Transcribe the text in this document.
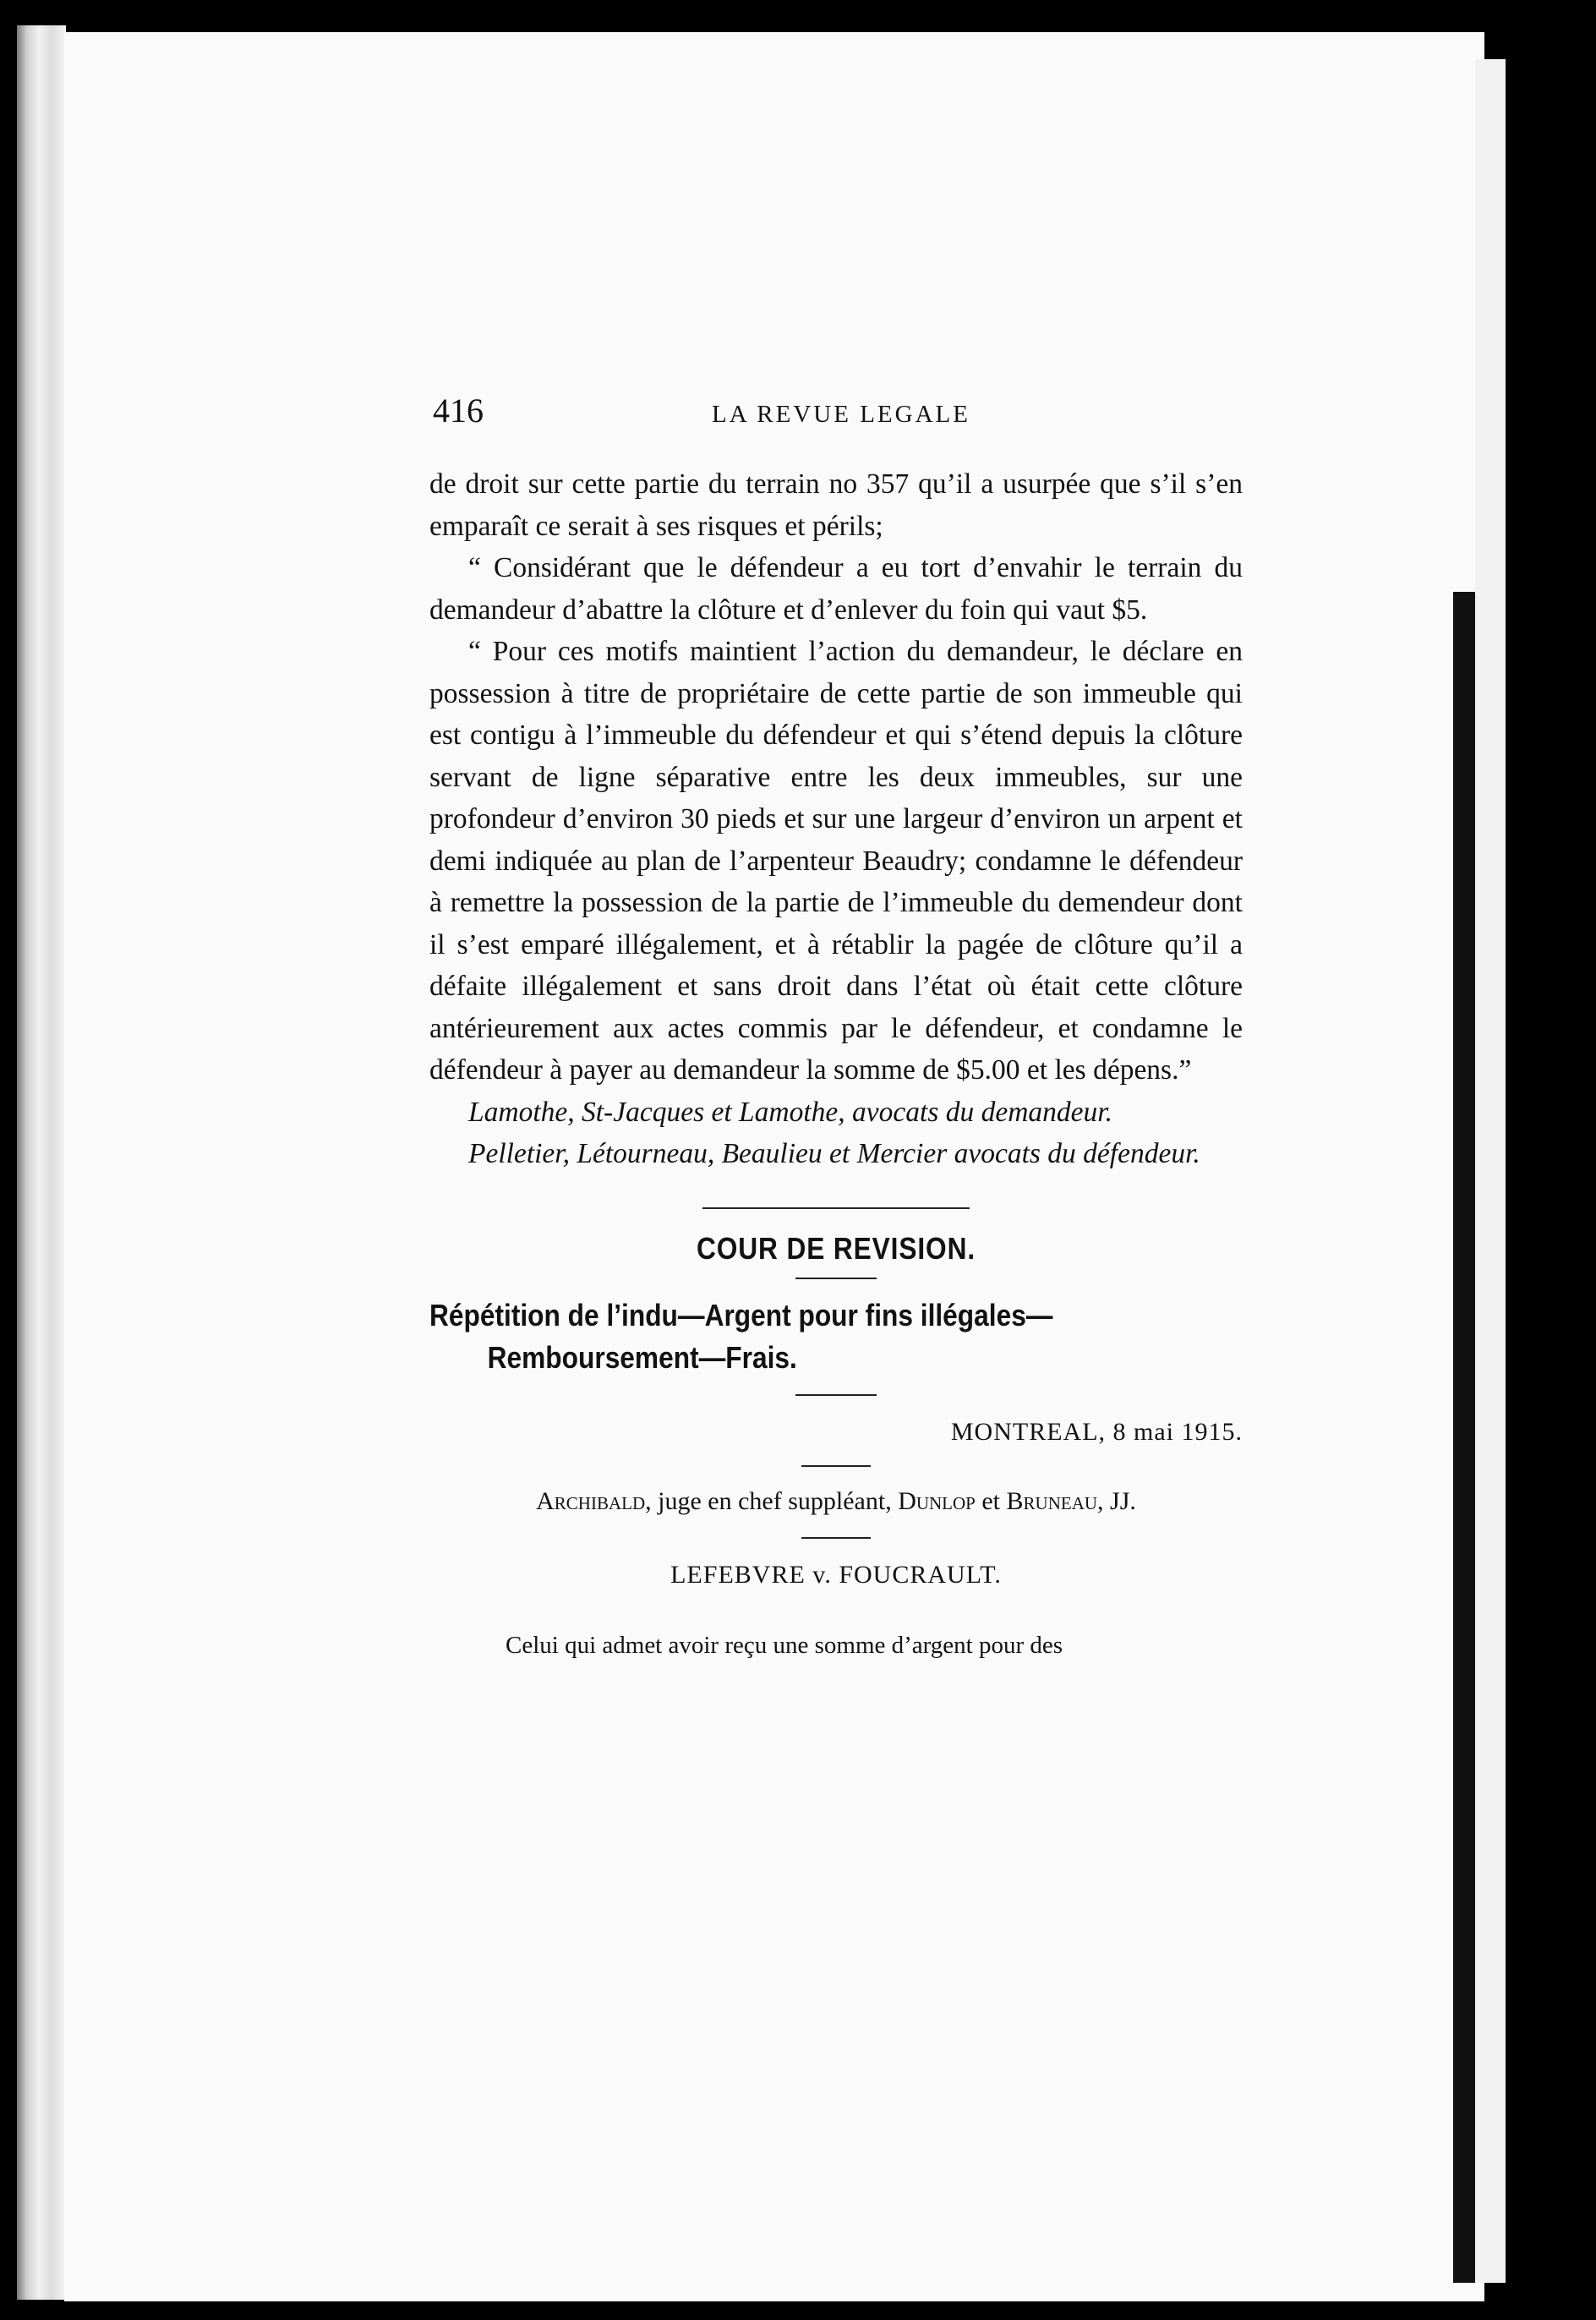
416	LA REVUE LEGALE

de droit sur cette partie du terrain no 357 qu’il a usurpée que s’il s’en emparaît ce serait à ses risques et périls;

“ Considérant que le défendeur a eu tort d’envahir le terrain du demandeur d’abattre la clôture et d’enlever du foin qui vaut $5.

“ Pour ces motifs maintient l’action du demandeur, le déclare en possession à titre de propriétaire de cette partie de son immeuble qui est contigu à l’immeuble du défendeur et qui s’étend depuis la clôture servant de ligne séparative entre les deux immeubles, sur une profondeur d’environ 30 pieds et sur une largeur d’environ un arpent et demi indiquée au plan de l’arpenteur Beaudry; condamne le défendeur à remettre la possession de la partie de l’immeuble du demendeur dont il s’est emparé illégalement, et à rétablir la pagée de clôture qu’il a défaite illégalement et sans droit dans l’état où était cette clôture antérieurement aux actes commis par le défendeur, et condamne le défendeur à payer au demandeur la somme de $5.00 et les dépens.”

Lamothe, St-Jacques et Lamothe, avocats du demandeur.

Pelletier, Létourneau, Beaulieu et Mercier avocats du défendeur.

COUR DE REVISION.
Répétition de l’indu—Argent pour fins illégales—
Remboursement—Frais.
MONTREAL, 8 mai 1915.
Archibald, juge en chef suppléant, Dunlop et Bruneau, JJ.
LEFEBVRE v. FOUCRAULT.

Celui qui admet avoir reçu une somme d’argent pour des
